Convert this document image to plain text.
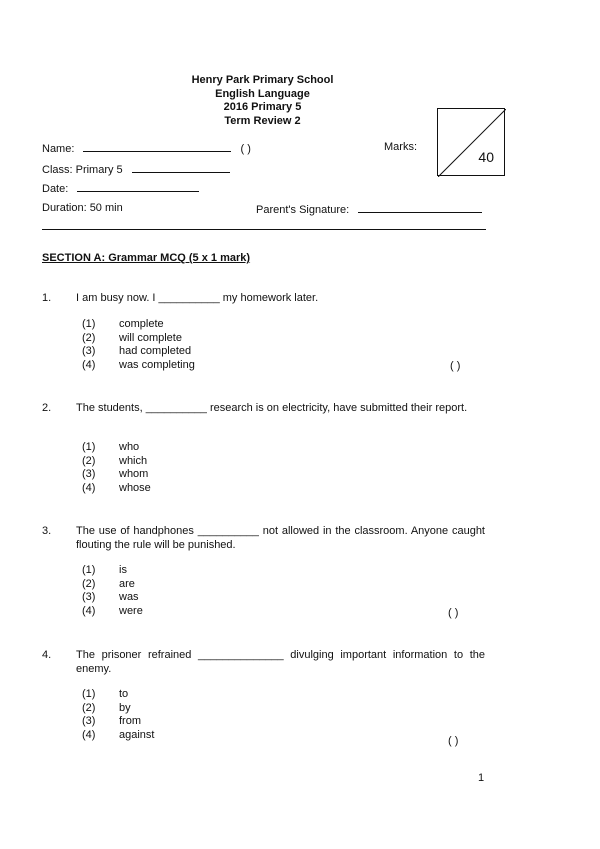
Henry Park Primary School
English Language
2016 Primary 5
Term Review 2
Name:	( )	Marks:
40
Class: Primary 5
Date:
Duration: 50 min	Parent's Signature:
SECTION A: Grammar MCQ (5 x 1 mark)
1. I am busy now. I __________ my homework later.
(1) complete
(2) will complete
(3) had completed
(4) was completing	( )
2. The students, __________ research is on electricity, have submitted their report.
(1) who
(2) which
(3) whom
(4) whose
3. The use of handphones __________ not allowed in the classroom. Anyone caught flouting the rule will be punished.
(1) is
(2) are
(3) was
(4) were	( )
4. The prisoner refrained ______________ divulging important information to the enemy.
(1) to
(2) by
(3) from
(4) against
( )
1
